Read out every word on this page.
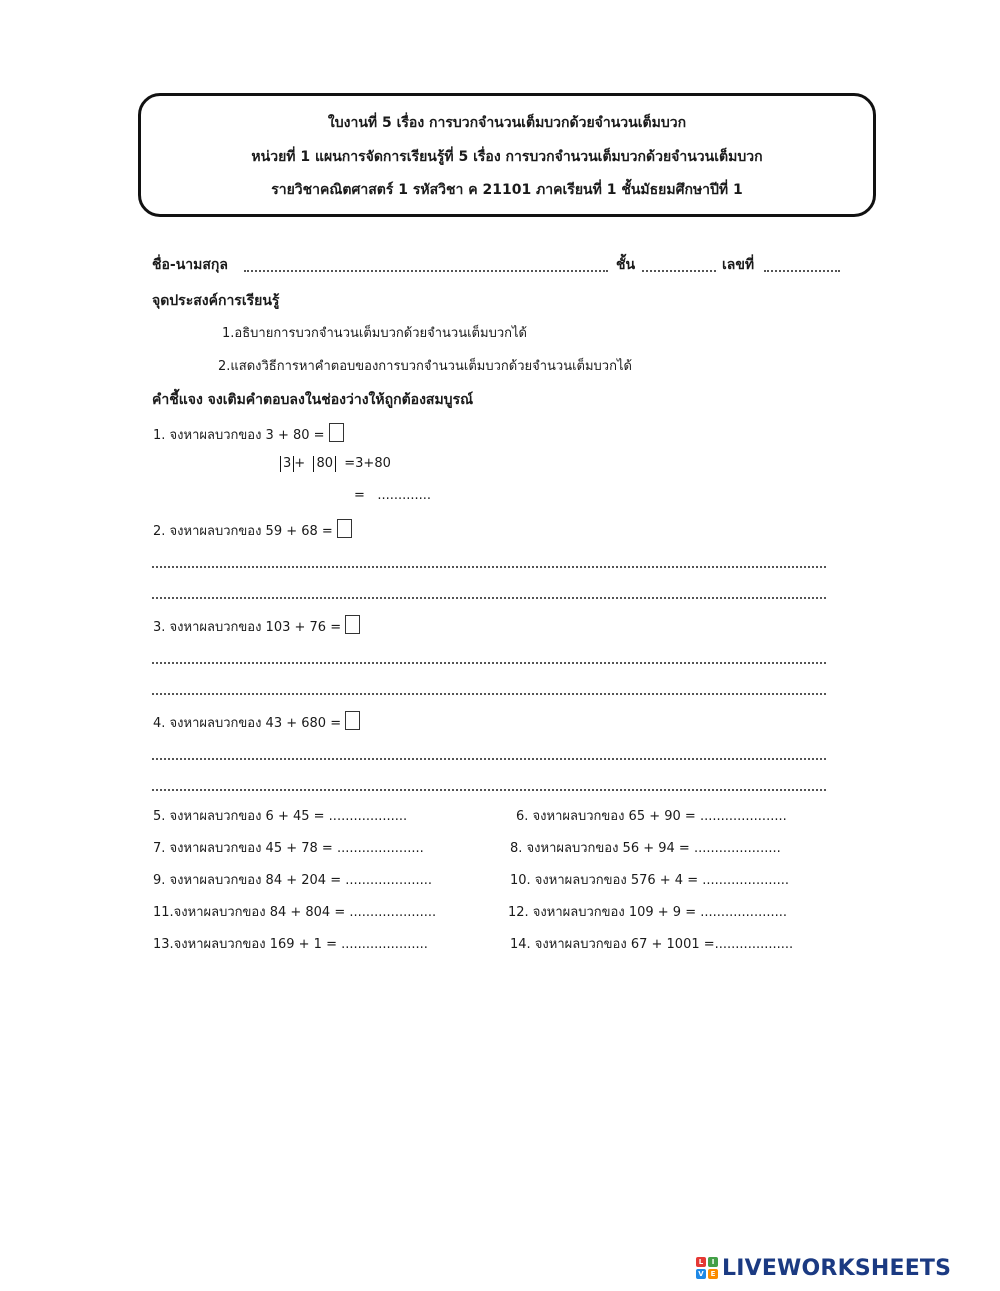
ใบงานที่ 5 เรื่อง การบวกจำนวนเต็มบวกด้วยจำนวนเต็มบวก
หน่วยที่ 1 แผนการจัดการเรียนรู้ที่ 5 เรื่อง การบวกจำนวนเต็มบวกด้วยจำนวนเต็มบวก
รายวิชาคณิตศาสตร์ 1 รหัสวิชา ค 21101 ภาคเรียนที่ 1 ชั้นมัธยมศึกษาปีที่ 1
ชื่อ-นามสกุล	ชั้น	เลขที่
จุดประสงค์การเรียนรู้
1.อธิบายการบวกจำนวนเต็มบวกด้วยจำนวนเต็มบวกได้
2.แสดงวิธีการหาคำตอบของการบวกจำนวนเต็มบวกด้วยจำนวนเต็มบวกได้
คำชี้แจง จงเติมคำตอบลงในช่องว่างให้ถูกต้องสมบูรณ์
1. จงหาผลบวกของ 3 + 80 =
3 + 80 =3+80
= .............
2. จงหาผลบวกของ 59 + 68 =
3. จงหาผลบวกของ 103 + 76 =
4. จงหาผลบวกของ 43 + 680 =
5. จงหาผลบวกของ 6 + 45 = ...................	6. จงหาผลบวกของ 65 + 90 = .....................
7. จงหาผลบวกของ 45 + 78 = .....................	8. จงหาผลบวกของ 56 + 94 = .....................
9. จงหาผลบวกของ 84 + 204 = .....................	10. จงหาผลบวกของ 576 + 4 = .....................
11.จงหาผลบวกของ 84 + 804 = .....................	12. จงหาผลบวกของ 109 + 9 = .....................
13.จงหาผลบวกของ 169 + 1 = .....................	14. จงหาผลบวกของ 67 + 1001 =...................
L	I
V E LIVEWORKSHEETS
